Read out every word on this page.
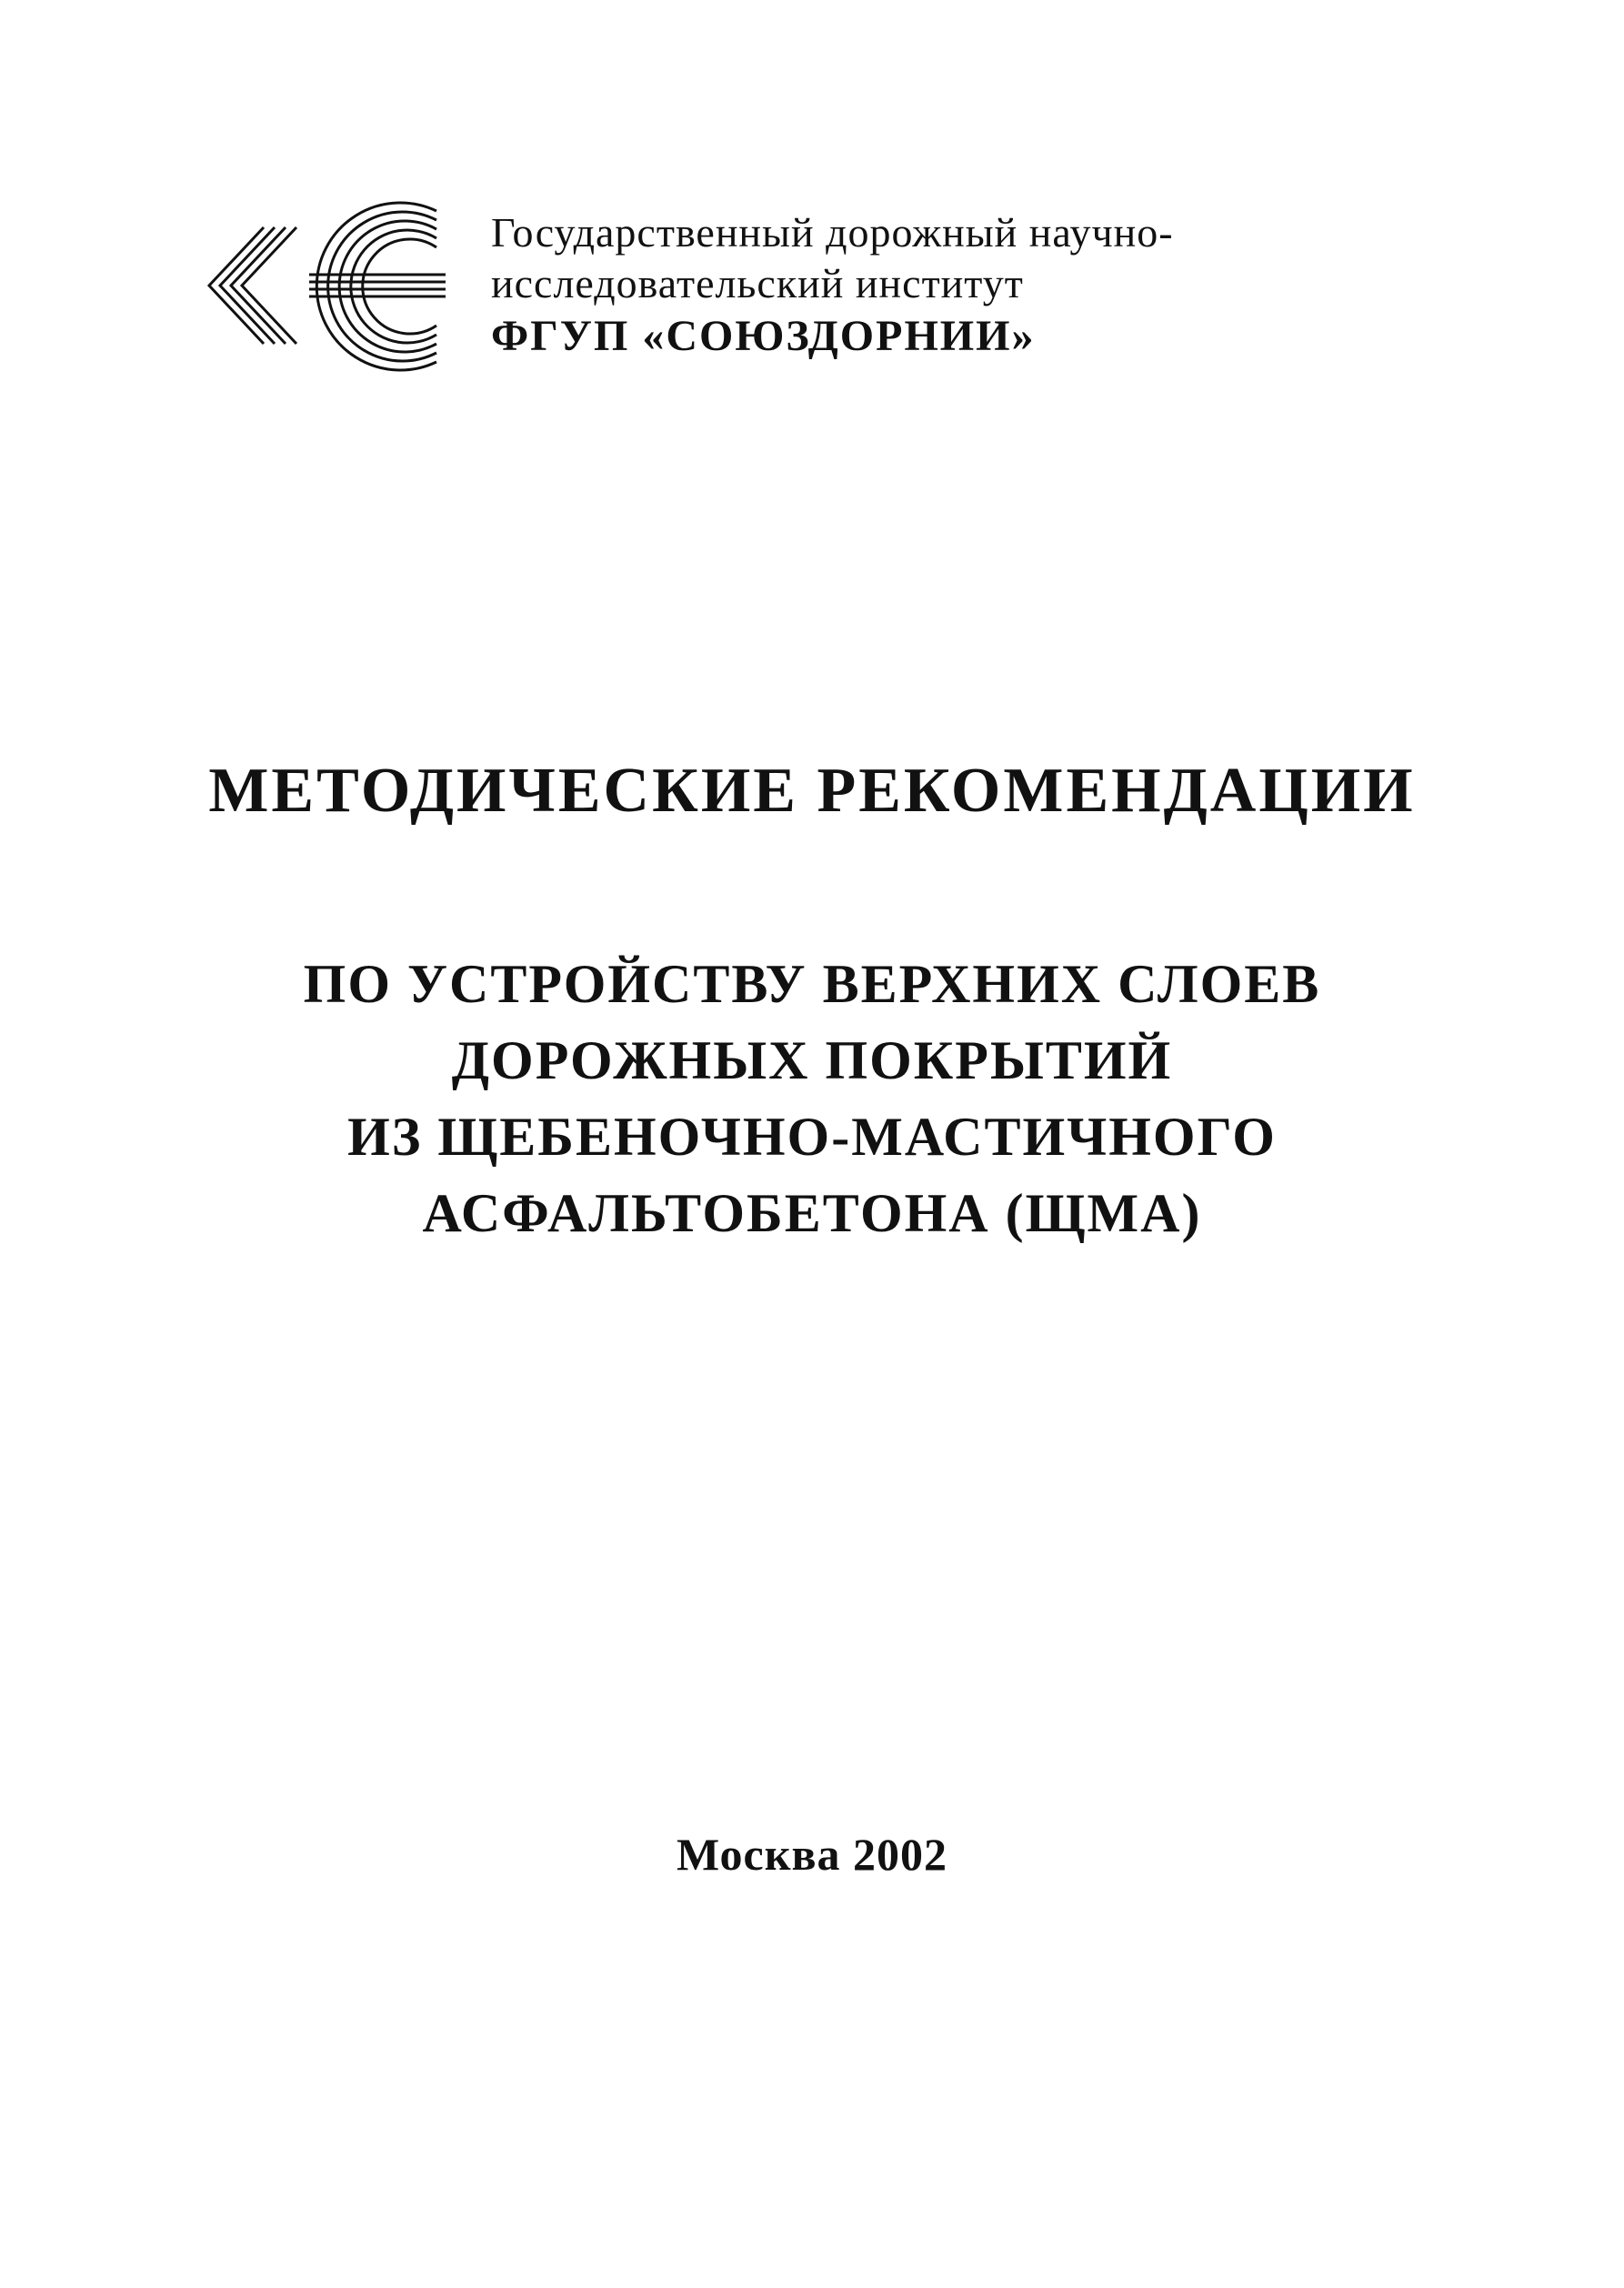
Государственный дорожный научно-
исследовательский институт
ФГУП «СОЮЗДОРНИИ»
МЕТОДИЧЕСКИЕ РЕКОМЕНДАЦИИ
ПО УСТРОЙСТВУ ВЕРХНИХ СЛОЕВ
ДОРОЖНЫХ ПОКРЫТИЙ
ИЗ ЩЕБЕНОЧНО-МАСТИЧНОГО
АСФАЛЬТОБЕТОНА (ЩМА)
Москва 2002
